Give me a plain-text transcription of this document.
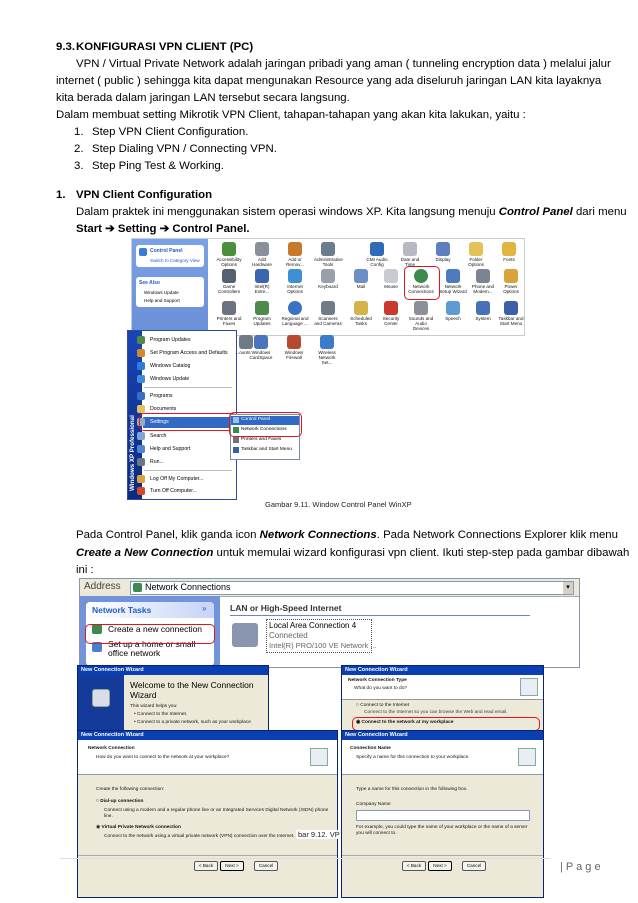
9.3. KONFIGURASI VPN CLIENT (PC)
VPN / Virtual Private Network adalah jaringan pribadi yang aman ( tunneling encryption data ) melalui jalur
internet ( public ) sehingga kita dapat mengunakan Resource yang ada diseluruh jaringan LAN kita layaknya
kita berada dalam jaringan LAN tersebut secara langsung.
Dalam membuat setting Mikrotik VPN Client, tahapan-tahapan yang akan kita lakukan, yaitu :
1. Step VPN Client Configuration.
2. Step Dialing VPN / Connecting VPN.
3. Step Ping Test & Working.
1. VPN Client Configuration
Dalam praktek ini menggunakan sistem operasi windows XP. Kita langsung menuju Control Panel dari menu
Start ➔ Setting ➔ Control Panel.
Control Panel
Switch to Category View
See Also
Windows Update
Help and Support
Accessibility Options
Add Hardware
Add or Remov...
Administrative Tools
CMI Audio Config
Date and Time
Display	Folder Options
Fonts
Game Controllers
Intel(R) Extre...
Internet Options
Keyboard	Mail	Mouse	Network Connections
Network Setup Wizard
Phone and Modem...
Power Options
Printers and Faxes
Program Updates
Regional and Language ...
Scanners and Cameras
Scheduled Tasks
Security Center
Sounds and Audio Devices
Speech	System	Taskbar and Start Menu
Windows XP Professional
Program Updates
Set Program Access and Defaults
Windows Catalog
Windows Update
Programs
Documents
Settings
Search
Help and Support
Run...
Log Off My Computer...
Turn Off Computer...
...ounts Windows CardSpace
Windows Firewall
Wireless Network Set...
Control Panel
Network Connections
Printers and Faxes
Taskbar and Start Menu
Gambar 9.11. Window Control Panel WinXP
Pada Control Panel, klik ganda icon Network Connections. Pada Network Connections Explorer klik menu
Create a New Connection untuk memulai wizard konfigurasi vpn client. Ikuti step-step pada gambar dibawah
ini :
Address	Network Connections	▾
Network Tasks	»
Create a new connection
Set up a home or small office network
LAN or High-Speed Internet
Local Area Connection 4
Connected
Intel(R) PRO/100 VE Network ...
New Connection Wizard
Welcome to the New Connection Wizard
This wizard helps you:
• Connect to the Internet.
• Connect to a private network, such as your workplace
New Connection Wizard
Network Connection Type
What do you want to do?
○ Connect to the Internet
Connect to the Internet so you can browse the Web and read email.
◉ Connect to the network at my workplace
New Connection Wizard
Network Connection
How do you want to connect to the network at your workplace?
Create the following connection:
○ Dial-up connection
Connect using a modem and a regular phone line or an Integrated Services Digital Network (ISDN) phone line.
◉ Virtual Private Network connection
Connect to the network using a virtual private network (VPN) connection over the Internet.
< Back	Next >	Cancel
bar 9.12. VP
New Connection Wizard
Connection Name
Specify a name for this connection to your workplace.
Type a name for this connection in the following box.
Company Name
For example, you could type the name of your workplace or the name of a server you will connect to.
< Back	Next >	Cancel	| P a g e
